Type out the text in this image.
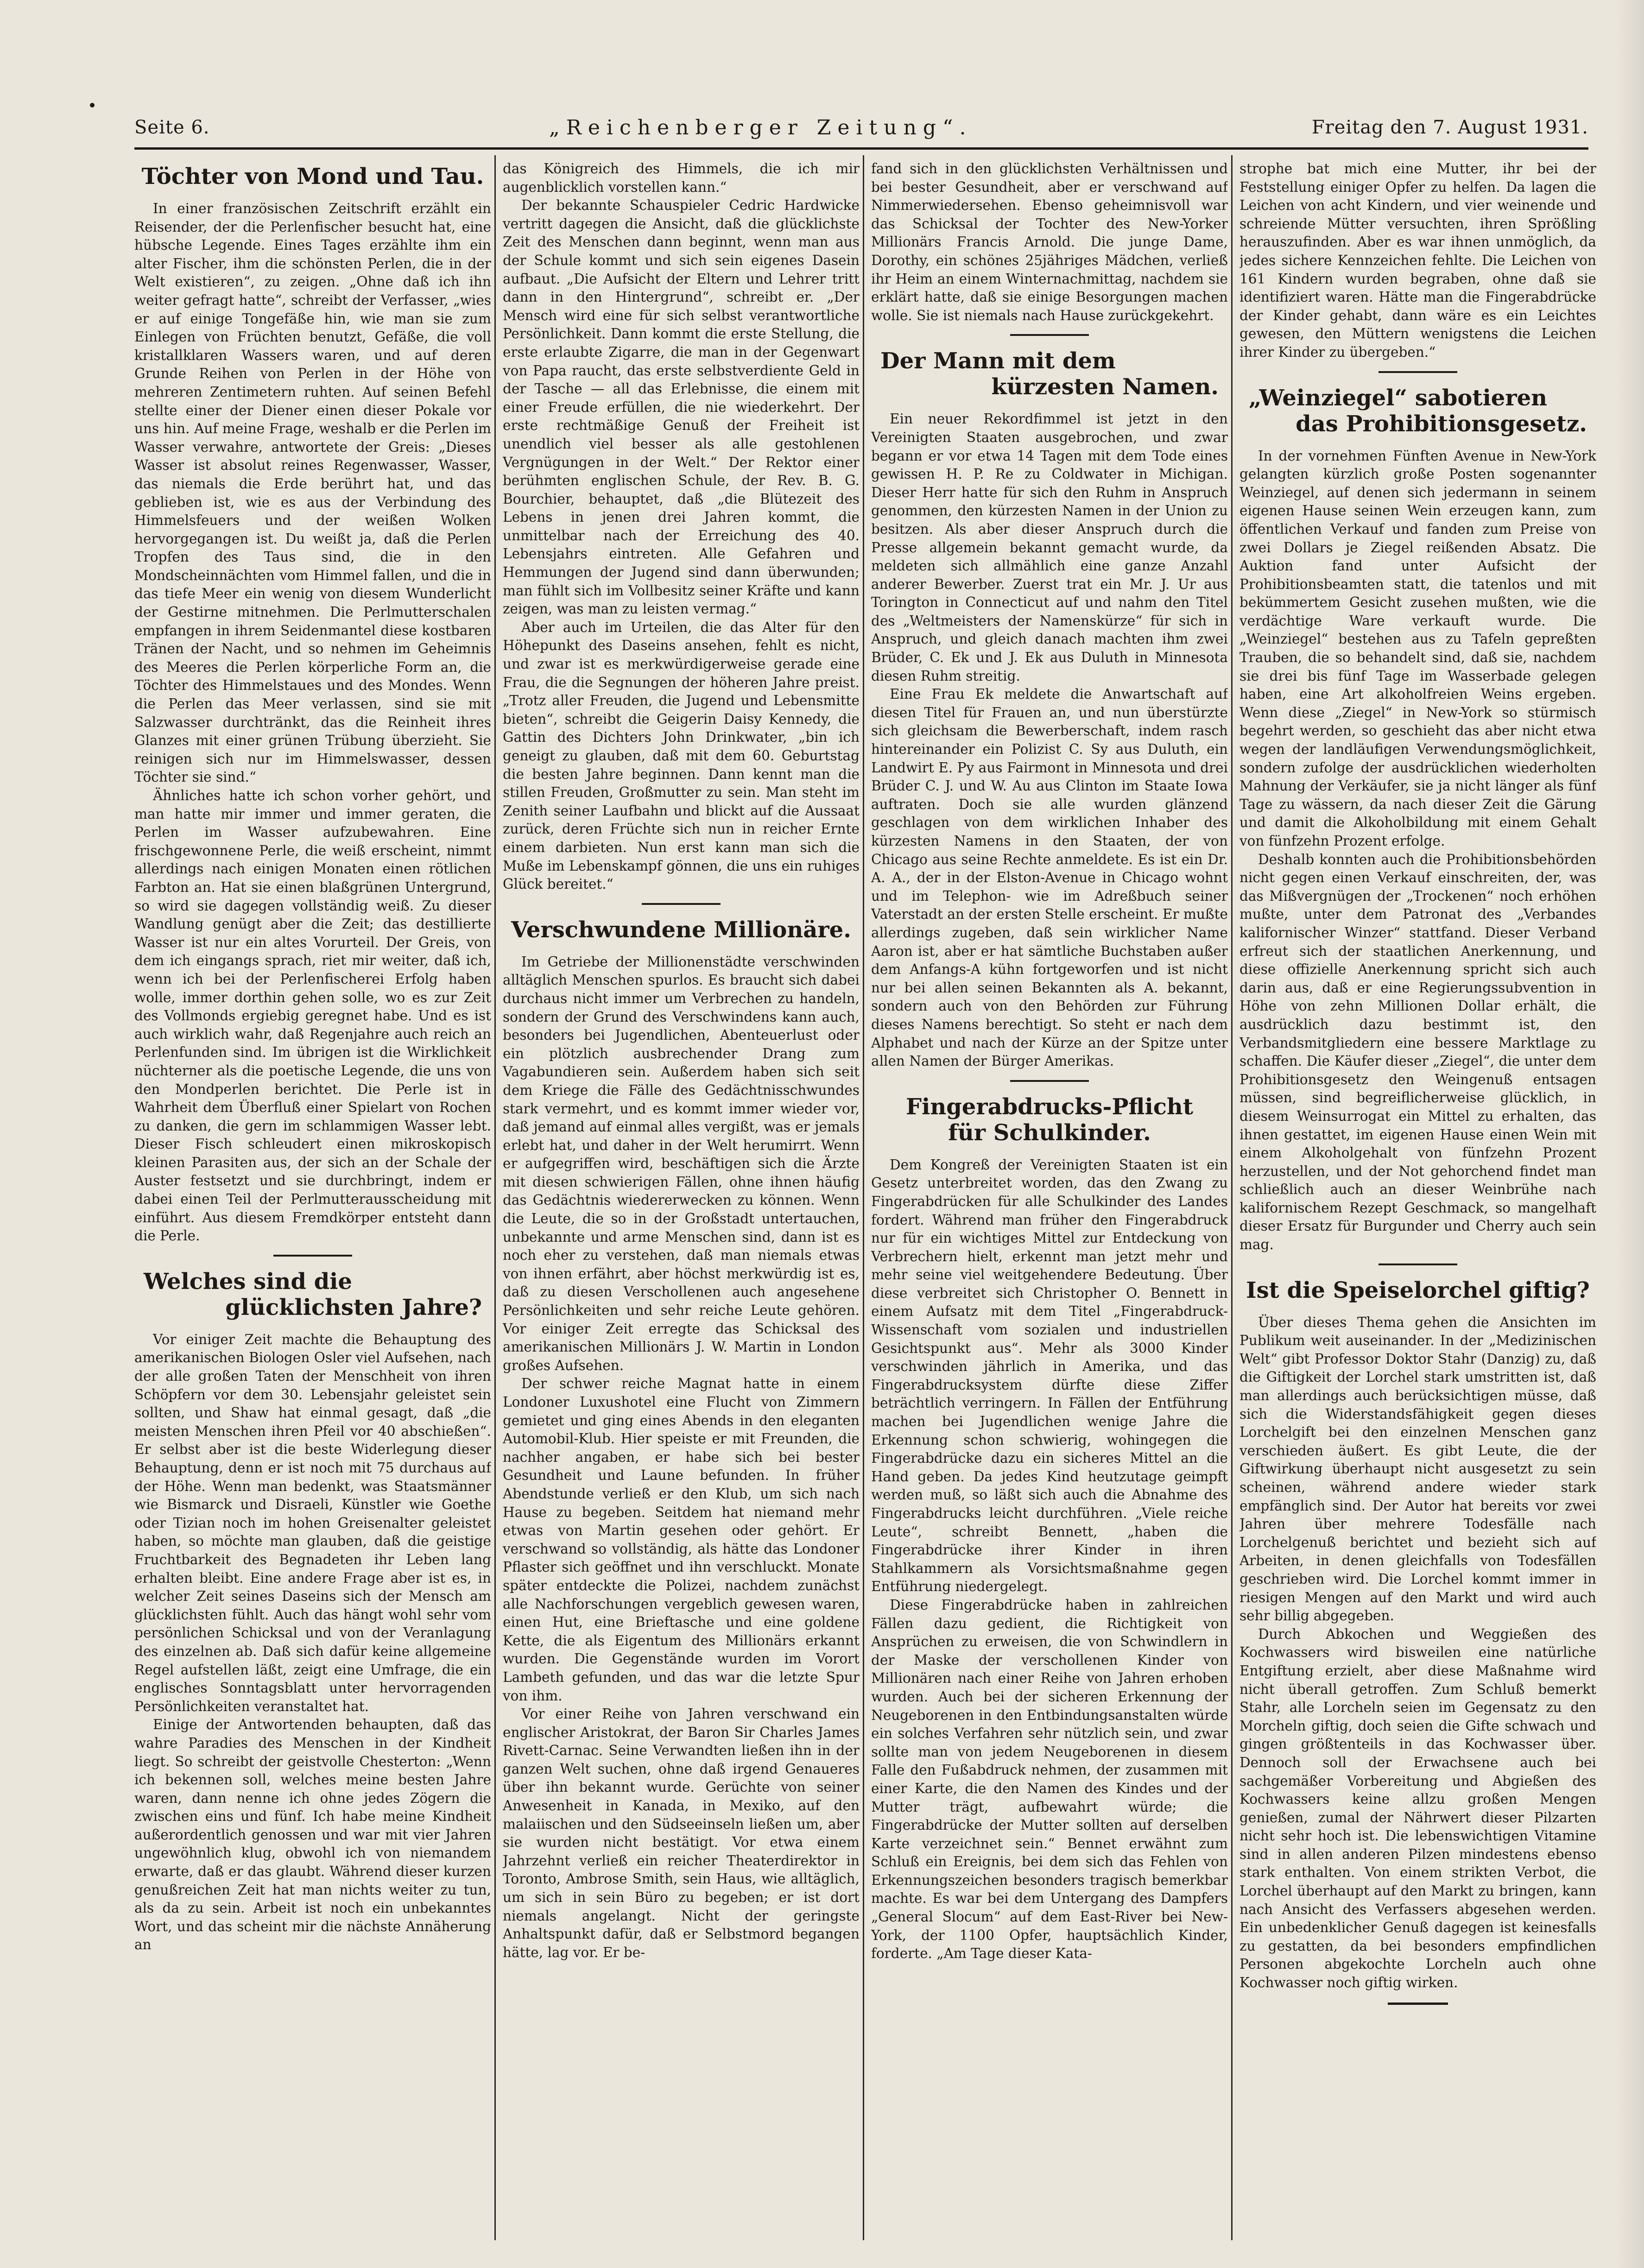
Seite 6.	„Reichenberger Zeitung“.	Freitag den 7. August 1931.
Töchter von Mond und Tau.

In einer französischen Zeitschrift erzählt ein Reisender, der die Perlenfischer besucht hat, eine hübsche Legende. Eines Tages erzählte ihm ein alter Fischer, ihm die schönsten Perlen, die in der Welt existieren“, zu zeigen. „Ohne daß ich ihn weiter gefragt hatte“, schreibt der Verfasser, „wies er auf einige Tongefäße hin, wie man sie zum Einlegen von Früchten benutzt, Gefäße, die voll kristallklaren Wassers waren, und auf deren Grunde Reihen von Perlen in der Höhe von mehreren Zentimetern ruhten. Auf seinen Befehl stellte einer der Diener einen dieser Pokale vor uns hin. Auf meine Frage, weshalb er die Perlen im Wasser verwahre, antwortete der Greis: „Dieses Wasser ist absolut reines Regenwasser, Wasser, das niemals die Erde berührt hat, und das geblieben ist, wie es aus der Verbindung des Himmelsfeuers und der weißen Wolken hervorgegangen ist. Du weißt ja, daß die Perlen Tropfen des Taus sind, die in den Mondscheinnächten vom Himmel fallen, und die in das tiefe Meer ein wenig von diesem Wunderlicht der Gestirne mitnehmen. Die Perlmutterschalen empfangen in ihrem Seidenmantel diese kostbaren Tränen der Nacht, und so nehmen im Geheimnis des Meeres die Perlen körperliche Form an, die Töchter des Himmelstaues und des Mondes. Wenn die Perlen das Meer verlassen, sind sie mit Salzwasser durchtränkt, das die Reinheit ihres Glanzes mit einer grünen Trübung überzieht. Sie reinigen sich nur im Himmelswasser, dessen Töchter sie sind.“

Ähnliches hatte ich schon vorher gehört, und man hatte mir immer und immer geraten, die Perlen im Wasser aufzubewahren. Eine frischgewonnene Perle, die weiß erscheint, nimmt allerdings nach einigen Monaten einen rötlichen Farbton an. Hat sie einen blaßgrünen Untergrund, so wird sie dagegen vollständig weiß. Zu dieser Wandlung genügt aber die Zeit; das destillierte Wasser ist nur ein altes Vorurteil. Der Greis, von dem ich eingangs sprach, riet mir weiter, daß ich, wenn ich bei der Perlenfischerei Erfolg haben wolle, immer dorthin gehen solle, wo es zur Zeit des Vollmonds ergiebig geregnet habe. Und es ist auch wirklich wahr, daß Regenjahre auch reich an Perlenfunden sind. Im übrigen ist die Wirklichkeit nüchterner als die poetische Legende, die uns von den Mondperlen berichtet. Die Perle ist in Wahrheit dem Überfluß einer Spielart von Rochen zu danken, die gern im schlammigen Wasser lebt. Dieser Fisch schleudert einen mikroskopisch kleinen Parasiten aus, der sich an der Schale der Auster festsetzt und sie durchbringt, indem er dabei einen Teil der Perlmutterausscheidung mit einführt. Aus diesem Fremdkörper entsteht dann die Perle.

Welches sind die
glücklichsten Jahre?

Vor einiger Zeit machte die Behauptung des amerikanischen Biologen Osler viel Aufsehen, nach der alle großen Taten der Menschheit von ihren Schöpfern vor dem 30. Lebensjahr geleistet sein sollten, und Shaw hat einmal gesagt, daß „die meisten Menschen ihren Pfeil vor 40 abschießen“. Er selbst aber ist die beste Widerlegung dieser Behauptung, denn er ist noch mit 75 durchaus auf der Höhe. Wenn man bedenkt, was Staatsmänner wie Bismarck und Disraeli, Künstler wie Goethe oder Tizian noch im hohen Greisenalter geleistet haben, so möchte man glauben, daß die geistige Fruchtbarkeit des Begnadeten ihr Leben lang erhalten bleibt. Eine andere Frage aber ist es, in welcher Zeit seines Daseins sich der Mensch am glücklichsten fühlt. Auch das hängt wohl sehr vom persönlichen Schicksal und von der Veranlagung des einzelnen ab. Daß sich dafür keine allgemeine Regel aufstellen läßt, zeigt eine Umfrage, die ein englisches Sonntagsblatt unter hervorragenden Persönlichkeiten veranstaltet hat.

Einige der Antwortenden behaupten, daß das wahre Paradies des Menschen in der Kindheit liegt. So schreibt der geistvolle Chesterton: „Wenn ich bekennen soll, welches meine besten Jahre waren, dann nenne ich ohne jedes Zögern die zwischen eins und fünf. Ich habe meine Kindheit außerordentlich genossen und war mit vier Jahren ungewöhnlich klug, obwohl ich von niemandem erwarte, daß er das glaubt. Während dieser kurzen genußreichen Zeit hat man nichts weiter zu tun, als da zu sein. Arbeit ist noch ein unbekanntes Wort, und das scheint mir die nächste Annäherung an

das Königreich des Himmels, die ich mir augenblicklich vorstellen kann.“

Der bekannte Schauspieler Cedric Hardwicke vertritt dagegen die Ansicht, daß die glücklichste Zeit des Menschen dann beginnt, wenn man aus der Schule kommt und sich sein eigenes Dasein aufbaut. „Die Aufsicht der Eltern und Lehrer tritt dann in den Hintergrund“, schreibt er. „Der Mensch wird eine für sich selbst verantwortliche Persönlichkeit. Dann kommt die erste Stellung, die erste erlaubte Zigarre, die man in der Gegenwart von Papa raucht, das erste selbstverdiente Geld in der Tasche — all das Erlebnisse, die einem mit einer Freude erfüllen, die nie wiederkehrt. Der erste rechtmäßige Genuß der Freiheit ist unendlich viel besser als alle gestohlenen Vergnügungen in der Welt.“ Der Rektor einer berühmten englischen Schule, der Rev. B. G. Bourchier, behauptet, daß „die Blütezeit des Lebens in jenen drei Jahren kommt, die unmittelbar nach der Erreichung des 40. Lebensjahrs eintreten. Alle Gefahren und Hemmungen der Jugend sind dann überwunden; man fühlt sich im Vollbesitz seiner Kräfte und kann zeigen, was man zu leisten vermag.“

Aber auch im Urteilen, die das Alter für den Höhepunkt des Daseins ansehen, fehlt es nicht, und zwar ist es merkwürdigerweise gerade eine Frau, die die Segnungen der höheren Jahre preist. „Trotz aller Freuden, die Jugend und Lebensmitte bieten“, schreibt die Geigerin Daisy Kennedy, die Gattin des Dichters John Drinkwater, „bin ich geneigt zu glauben, daß mit dem 60. Geburtstag die besten Jahre beginnen. Dann kennt man die stillen Freuden, Großmutter zu sein. Man steht im Zenith seiner Laufbahn und blickt auf die Aussaat zurück, deren Früchte sich nun in reicher Ernte einem darbieten. Nun erst kann man sich die Muße im Lebenskampf gönnen, die uns ein ruhiges Glück bereitet.“

Verschwundene Millionäre.

Im Getriebe der Millionenstädte verschwinden alltäglich Menschen spurlos. Es braucht sich dabei durchaus nicht immer um Verbrechen zu handeln, sondern der Grund des Verschwindens kann auch, besonders bei Jugendlichen, Abenteuerlust oder ein plötzlich ausbrechender Drang zum Vagabundieren sein. Außerdem haben sich seit dem Kriege die Fälle des Gedächtnisschwundes stark vermehrt, und es kommt immer wieder vor, daß jemand auf einmal alles vergißt, was er jemals erlebt hat, und daher in der Welt herumirrt. Wenn er aufgegriffen wird, beschäftigen sich die Ärzte mit diesen schwierigen Fällen, ohne ihnen häufig das Gedächtnis wiedererwecken zu können. Wenn die Leute, die so in der Großstadt untertauchen, unbekannte und arme Menschen sind, dann ist es noch eher zu verstehen, daß man niemals etwas von ihnen erfährt, aber höchst merkwürdig ist es, daß zu diesen Verschollenen auch angesehene Persönlichkeiten und sehr reiche Leute gehören. Vor einiger Zeit erregte das Schicksal des amerikanischen Millionärs J. W. Martin in London großes Aufsehen.

Der schwer reiche Magnat hatte in einem Londoner Luxushotel eine Flucht von Zimmern gemietet und ging eines Abends in den eleganten Automobil-Klub. Hier speiste er mit Freunden, die nachher angaben, er habe sich bei bester Gesundheit und Laune befunden. In früher Abendstunde verließ er den Klub, um sich nach Hause zu begeben. Seitdem hat niemand mehr etwas von Martin gesehen oder gehört. Er verschwand so vollständig, als hätte das Londoner Pflaster sich geöffnet und ihn verschluckt. Monate später entdeckte die Polizei, nachdem zunächst alle Nachforschungen vergeblich gewesen waren, einen Hut, eine Brieftasche und eine goldene Kette, die als Eigentum des Millionärs erkannt wurden. Die Gegenstände wurden im Vorort Lambeth gefunden, und das war die letzte Spur von ihm.

Vor einer Reihe von Jahren verschwand ein englischer Aristokrat, der Baron Sir Charles James Rivett-Carnac. Seine Verwandten ließen ihn in der ganzen Welt suchen, ohne daß irgend Genaueres über ihn bekannt wurde. Gerüchte von seiner Anwesenheit in Kanada, in Mexiko, auf den malaiischen und den Südseeinseln ließen um, aber sie wurden nicht bestätigt. Vor etwa einem Jahrzehnt verließ ein reicher Theaterdirektor in Toronto, Ambrose Smith, sein Haus, wie alltäglich, um sich in sein Büro zu begeben; er ist dort niemals angelangt. Nicht der geringste Anhaltspunkt dafür, daß er Selbstmord begangen hätte, lag vor. Er be-

fand sich in den glücklichsten Verhältnissen und bei bester Gesundheit, aber er verschwand auf Nimmerwiedersehen. Ebenso geheimnisvoll war das Schicksal der Tochter des New-Yorker Millionärs Francis Arnold. Die junge Dame, Dorothy, ein schönes 25jähriges Mädchen, verließ ihr Heim an einem Winternachmittag, nachdem sie erklärt hatte, daß sie einige Besorgungen machen wolle. Sie ist niemals nach Hause zurückgekehrt.

Der Mann mit dem
kürzesten Namen.

Ein neuer Rekordfimmel ist jetzt in den Vereinigten Staaten ausgebrochen, und zwar begann er vor etwa 14 Tagen mit dem Tode eines gewissen H. P. Re zu Coldwater in Michigan. Dieser Herr hatte für sich den Ruhm in Anspruch genommen, den kürzesten Namen in der Union zu besitzen. Als aber dieser Anspruch durch die Presse allgemein bekannt gemacht wurde, da meldeten sich allmählich eine ganze Anzahl anderer Bewerber. Zuerst trat ein Mr. J. Ur aus Torington in Connecticut auf und nahm den Titel des „Weltmeisters der Namenskürze“ für sich in Anspruch, und gleich danach machten ihm zwei Brüder, C. Ek und J. Ek aus Duluth in Minnesota diesen Ruhm streitig.

Eine Frau Ek meldete die Anwartschaft auf diesen Titel für Frauen an, und nun überstürzte sich gleichsam die Bewerberschaft, indem rasch hintereinander ein Polizist C. Sy aus Duluth, ein Landwirt E. Py aus Fairmont in Minnesota und drei Brüder C. J. und W. Au aus Clinton im Staate Iowa auftraten. Doch sie alle wurden glänzend geschlagen von dem wirklichen Inhaber des kürzesten Namens in den Staaten, der von Chicago aus seine Rechte anmeldete. Es ist ein Dr. A. A., der in der Elston-Avenue in Chicago wohnt und im Telephon- wie im Adreßbuch seiner Vaterstadt an der ersten Stelle erscheint. Er mußte allerdings zugeben, daß sein wirklicher Name Aaron ist, aber er hat sämtliche Buchstaben außer dem Anfangs-A kühn fortgeworfen und ist nicht nur bei allen seinen Bekannten als A. bekannt, sondern auch von den Behörden zur Führung dieses Namens berechtigt. So steht er nach dem Alphabet und nach der Kürze an der Spitze unter allen Namen der Bürger Amerikas.

Fingerabdrucks-Pflicht
für Schulkinder.

Dem Kongreß der Vereinigten Staaten ist ein Gesetz unterbreitet worden, das den Zwang zu Fingerabdrücken für alle Schulkinder des Landes fordert. Während man früher den Fingerabdruck nur für ein wichtiges Mittel zur Entdeckung von Verbrechern hielt, erkennt man jetzt mehr und mehr seine viel weitgehendere Bedeutung. Über diese verbreitet sich Christopher O. Bennett in einem Aufsatz mit dem Titel „Fingerabdruck-Wissenschaft vom sozialen und industriellen Gesichtspunkt aus“. Mehr als 3000 Kinder verschwinden jährlich in Amerika, und das Fingerabdrucksystem dürfte diese Ziffer beträchtlich verringern. In Fällen der Entführung machen bei Jugendlichen wenige Jahre die Erkennung schon schwierig, wohingegen die Fingerabdrücke dazu ein sicheres Mittel an die Hand geben. Da jedes Kind heutzutage geimpft werden muß, so läßt sich auch die Abnahme des Fingerabdrucks leicht durchführen. „Viele reiche Leute“, schreibt Bennett, „haben die Fingerabdrücke ihrer Kinder in ihren Stahlkammern als Vorsichtsmaßnahme gegen Entführung niedergelegt.

Diese Fingerabdrücke haben in zahlreichen Fällen dazu gedient, die Richtigkeit von Ansprüchen zu erweisen, die von Schwindlern in der Maske der verschollenen Kinder von Millionären nach einer Reihe von Jahren erhoben wurden. Auch bei der sicheren Erkennung der Neugeborenen in den Entbindungsanstalten würde ein solches Verfahren sehr nützlich sein, und zwar sollte man von jedem Neugeborenen in diesem Falle den Fußabdruck nehmen, der zusammen mit einer Karte, die den Namen des Kindes und der Mutter trägt, aufbewahrt würde; die Fingerabdrücke der Mutter sollten auf derselben Karte verzeichnet sein.“ Bennet erwähnt zum Schluß ein Ereignis, bei dem sich das Fehlen von Erkennungszeichen besonders tragisch bemerkbar machte. Es war bei dem Untergang des Dampfers „General Slocum“ auf dem East-River bei New-York, der 1100 Opfer, hauptsächlich Kinder, forderte. „Am Tage dieser Kata-

strophe bat mich eine Mutter, ihr bei der Feststellung einiger Opfer zu helfen. Da lagen die Leichen von acht Kindern, und vier weinende und schreiende Mütter versuchten, ihren Sprößling herauszufinden. Aber es war ihnen unmöglich, da jedes sichere Kennzeichen fehlte. Die Leichen von 161 Kindern wurden begraben, ohne daß sie identifiziert waren. Hätte man die Fingerabdrücke der Kinder gehabt, dann wäre es ein Leichtes gewesen, den Müttern wenigstens die Leichen ihrer Kinder zu übergeben.“

„Weinziegel“ sabotieren
das Prohibitionsgesetz.

In der vornehmen Fünften Avenue in New-York gelangten kürzlich große Posten sogenannter Weinziegel, auf denen sich jedermann in seinem eigenen Hause seinen Wein erzeugen kann, zum öffentlichen Verkauf und fanden zum Preise von zwei Dollars je Ziegel reißenden Absatz. Die Auktion fand unter Aufsicht der Prohibitionsbeamten statt, die tatenlos und mit bekümmertem Gesicht zusehen mußten, wie die verdächtige Ware verkauft wurde. Die „Weinziegel“ bestehen aus zu Tafeln gepreßten Trauben, die so behandelt sind, daß sie, nachdem sie drei bis fünf Tage im Wasserbade gelegen haben, eine Art alkoholfreien Weins ergeben. Wenn diese „Ziegel“ in New-York so stürmisch begehrt werden, so geschieht das aber nicht etwa wegen der landläufigen Verwendungsmöglichkeit, sondern zufolge der ausdrücklichen wiederholten Mahnung der Verkäufer, sie ja nicht länger als fünf Tage zu wässern, da nach dieser Zeit die Gärung und damit die Alkoholbildung mit einem Gehalt von fünfzehn Prozent erfolge.

Deshalb konnten auch die Prohibitionsbehörden nicht gegen einen Verkauf einschreiten, der, was das Mißvergnügen der „Trockenen“ noch erhöhen mußte, unter dem Patronat des „Verbandes kalifornischer Winzer“ stattfand. Dieser Verband erfreut sich der staatlichen Anerkennung, und diese offizielle Anerkennung spricht sich auch darin aus, daß er eine Regierungssubvention in Höhe von zehn Millionen Dollar erhält, die ausdrücklich dazu bestimmt ist, den Verbandsmitgliedern eine bessere Marktlage zu schaffen. Die Käufer dieser „Ziegel“, die unter dem Prohibitionsgesetz den Weingenuß entsagen müssen, sind begreiflicherweise glücklich, in diesem Weinsurrogat ein Mittel zu erhalten, das ihnen gestattet, im eigenen Hause einen Wein mit einem Alkoholgehalt von fünfzehn Prozent herzustellen, und der Not gehorchend findet man schließlich auch an dieser Weinbrühe nach kalifornischem Rezept Geschmack, so mangelhaft dieser Ersatz für Burgunder und Cherry auch sein mag.

Ist die Speiselorchel giftig?

Über dieses Thema gehen die Ansichten im Publikum weit auseinander. In der „Medizinischen Welt“ gibt Professor Doktor Stahr (Danzig) zu, daß die Giftigkeit der Lorchel stark umstritten ist, daß man allerdings auch berücksichtigen müsse, daß sich die Widerstandsfähigkeit gegen dieses Lorchelgift bei den einzelnen Menschen ganz verschieden äußert. Es gibt Leute, die der Giftwirkung überhaupt nicht ausgesetzt zu sein scheinen, während andere wieder stark empfänglich sind. Der Autor hat bereits vor zwei Jahren über mehrere Todesfälle nach Lorchelgenuß berichtet und bezieht sich auf Arbeiten, in denen gleichfalls von Todesfällen geschrieben wird. Die Lorchel kommt immer in riesigen Mengen auf den Markt und wird auch sehr billig abgegeben.

Durch Abkochen und Weggießen des Kochwassers wird bisweilen eine natürliche Entgiftung erzielt, aber diese Maßnahme wird nicht überall getroffen. Zum Schluß bemerkt Stahr, alle Lorcheln seien im Gegensatz zu den Morcheln giftig, doch seien die Gifte schwach und gingen größtenteils in das Kochwasser über. Dennoch soll der Erwachsene auch bei sachgemäßer Vorbereitung und Abgießen des Kochwassers keine allzu großen Mengen genießen, zumal der Nährwert dieser Pilzarten nicht sehr hoch ist. Die lebenswichtigen Vitamine sind in allen anderen Pilzen mindestens ebenso stark enthalten. Von einem strikten Verbot, die Lorchel überhaupt auf den Markt zu bringen, kann nach Ansicht des Verfassers abgesehen werden. Ein unbedenklicher Genuß dagegen ist keinesfalls zu gestatten, da bei besonders empfindlichen Personen abgekochte Lorcheln auch ohne Kochwasser noch giftig wirken.
